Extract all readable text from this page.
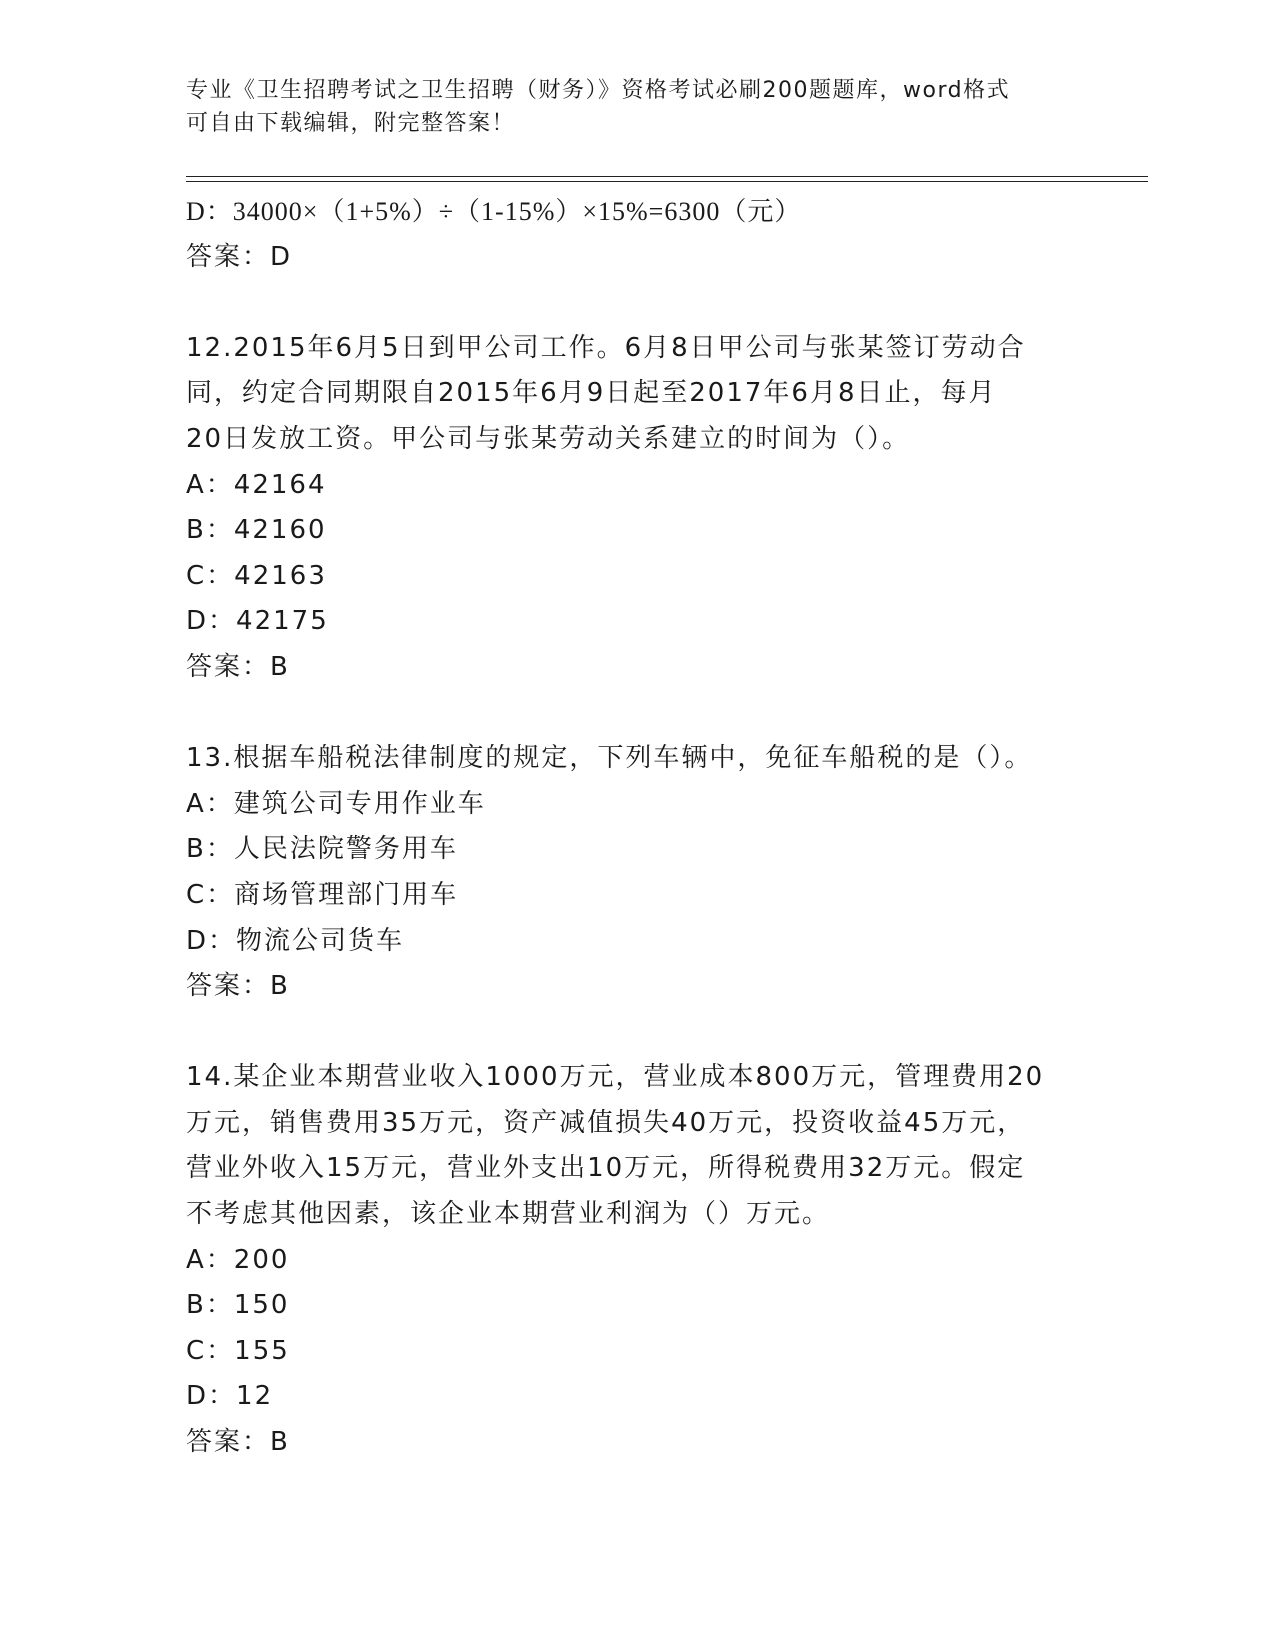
专业《卫生招聘考试之卫生招聘（财务）》资格考试必刷200题题库，word格式
可自由下载编辑，附完整答案！

D：34000×（1+5%）÷（1-15%）×15%=6300（元）

答案：D

12.2015年6月5日到甲公司工作。6月8日甲公司与张某签订劳动合

同，约定合同期限自2015年6月9日起至2017年6月8日止，每月

20日发放工资。甲公司与张某劳动关系建立的时间为（）。

A：42164

B：42160

C：42163

D：42175

答案：B

13.根据车船税法律制度的规定，下列车辆中，免征车船税的是（）。

A：建筑公司专用作业车

B：人民法院警务用车

C：商场管理部门用车

D：物流公司货车

答案：B

14.某企业本期营业收入1000万元，营业成本800万元，管理费用20

万元，销售费用35万元，资产减值损失40万元，投资收益45万元，

营业外收入15万元，营业外支出10万元，所得税费用32万元。假定

不考虑其他因素，该企业本期营业利润为（）万元。

A：200

B：150

C：155

D：12

答案：B
